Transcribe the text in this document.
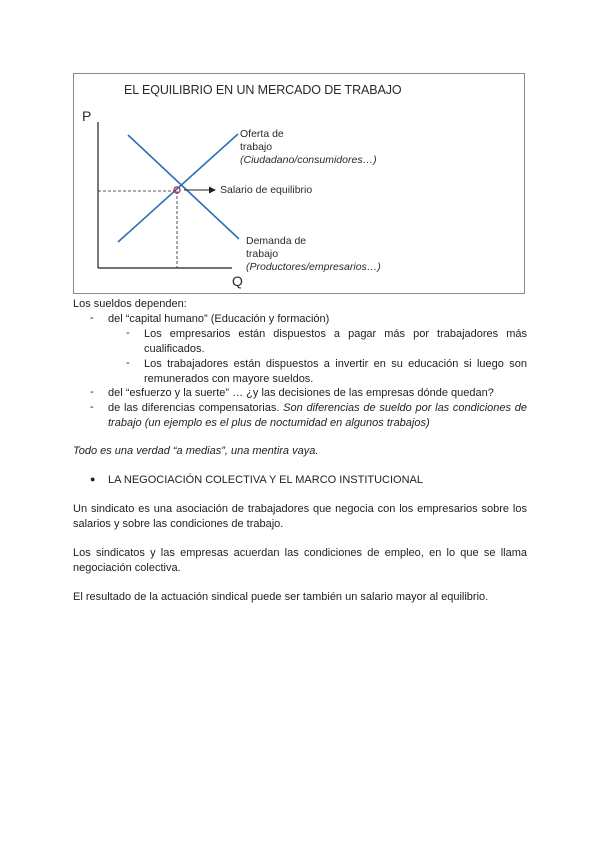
EL EQUILIBRIO EN UN MERCADO DE TRABAJO
P
Q
Oferta de
trabajo
(Ciudadano/consumidores…)
Salario de equilibrio
Demanda de
trabajo
(Productores/empresarios…)
Los sueldos dependen:
- del “capital humano” (Educación y formación)
- Los empresarios están dispuestos a pagar más por trabajadores más cualificados.
- Los trabajadores están dispuestos a invertir en su educación si luego son remunerados con mayore sueldos.
- del “esfuerzo y la suerte” … ¿y las decisiones de las empresas dónde quedan?
- de las diferencias compensatorias. Son diferencias de sueldo por las condiciones de trabajo (un ejemplo es el plus de noctumidad en algunos trabajos)
Todo es una verdad “a medias”, una mentira vaya.
● LA NEGOCIACIÓN COLECTIVA Y EL MARCO INSTITUCIONAL
Un sindicato es una asociación de trabajadores que negocia con los empresarios sobre los salarios y sobre las condiciones de trabajo.
Los sindicatos y las empresas acuerdan las condiciones de empleo, en lo que se llama negociación colectiva.
El resultado de la actuación sindical puede ser también un salario mayor al equilibrio.
